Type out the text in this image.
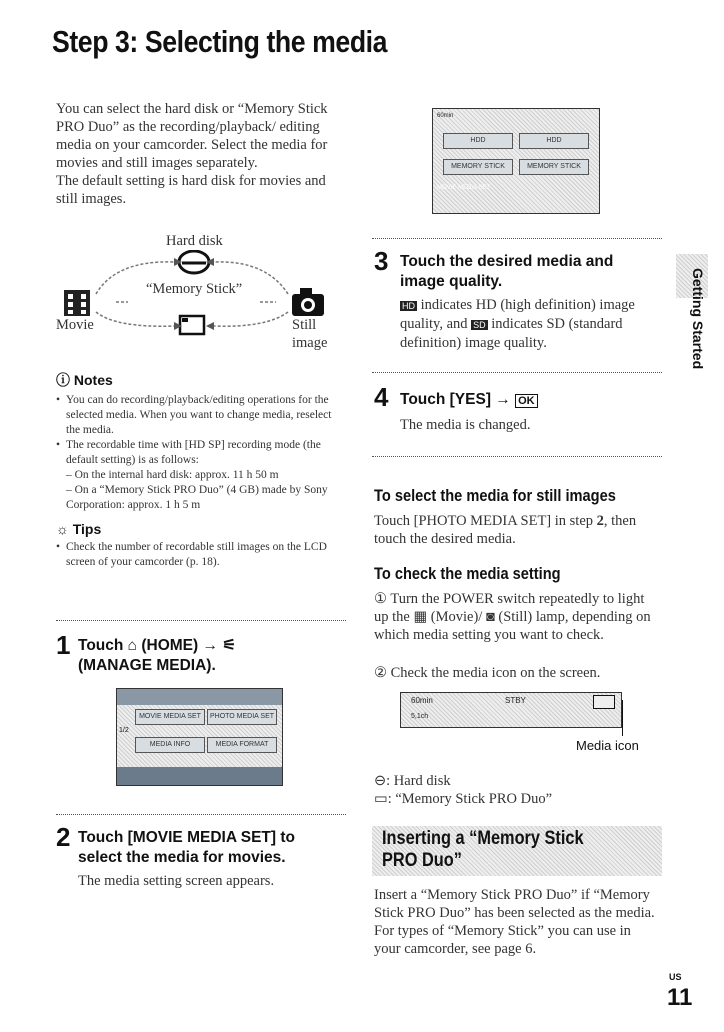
Step 3: Selecting the media
You can select the hard disk or “Memory Stick PRO Duo” as the recording/playback/ editing media on your camcorder. Select the media for movies and still images separately.
The default setting is hard disk for movies and still images.
Hard disk
“Memory Stick”
Movie	Still
image
ⓘ Notes
• You can do recording/playback/editing operations for the selected media. When you want to change media, reselect the media.
• The recordable time with [HD SP] recording mode (the default setting) is as follows:
– On the internal hard disk: approx. 11 h 50 m
– On a “Memory Stick PRO Duo” (4 GB) made by Sony Corporation: approx. 1 h 5 m
☼ Tips
• Check the number of recordable still images on the LCD screen of your camcorder (p. 18).
1 Touch ⌂ (HOME) → ⚟
(MANAGE MEDIA).
MOVIE MEDIA SET	PHOTO MEDIA SET
1/2
MEDIA INFO	MEDIA FORMAT
2 Touch [MOVIE MEDIA SET] to select the media for movies.
The media setting screen appears.
60min
HDD	HDD
MEMORY STICK	MEMORY STICK
MOVIE MEDIA SET
3 Touch the desired media and image quality.
HD indicates HD (high definition) image quality, and SD indicates SD (standard definition) image quality.
4 Touch [YES] → OK
The media is changed.
To select the media for still images
Touch [PHOTO MEDIA SET] in step 2, then touch the desired media.
To check the media setting
① Turn the POWER switch repeatedly to light up the ▦ (Movie)/ ◙ (Still) lamp, depending on which media setting you want to check.
② Check the media icon on the screen.
60min	STBY
5,1ch
Media icon
⊖: Hard disk
▭: “Memory Stick PRO Duo”
Inserting a “Memory Stick PRO Duo”
Insert a “Memory Stick PRO Duo” if “Memory Stick PRO Duo” has been selected as the media.
For types of “Memory Stick” you can use in your camcorder, see page 6.
Getting Started
US
11
